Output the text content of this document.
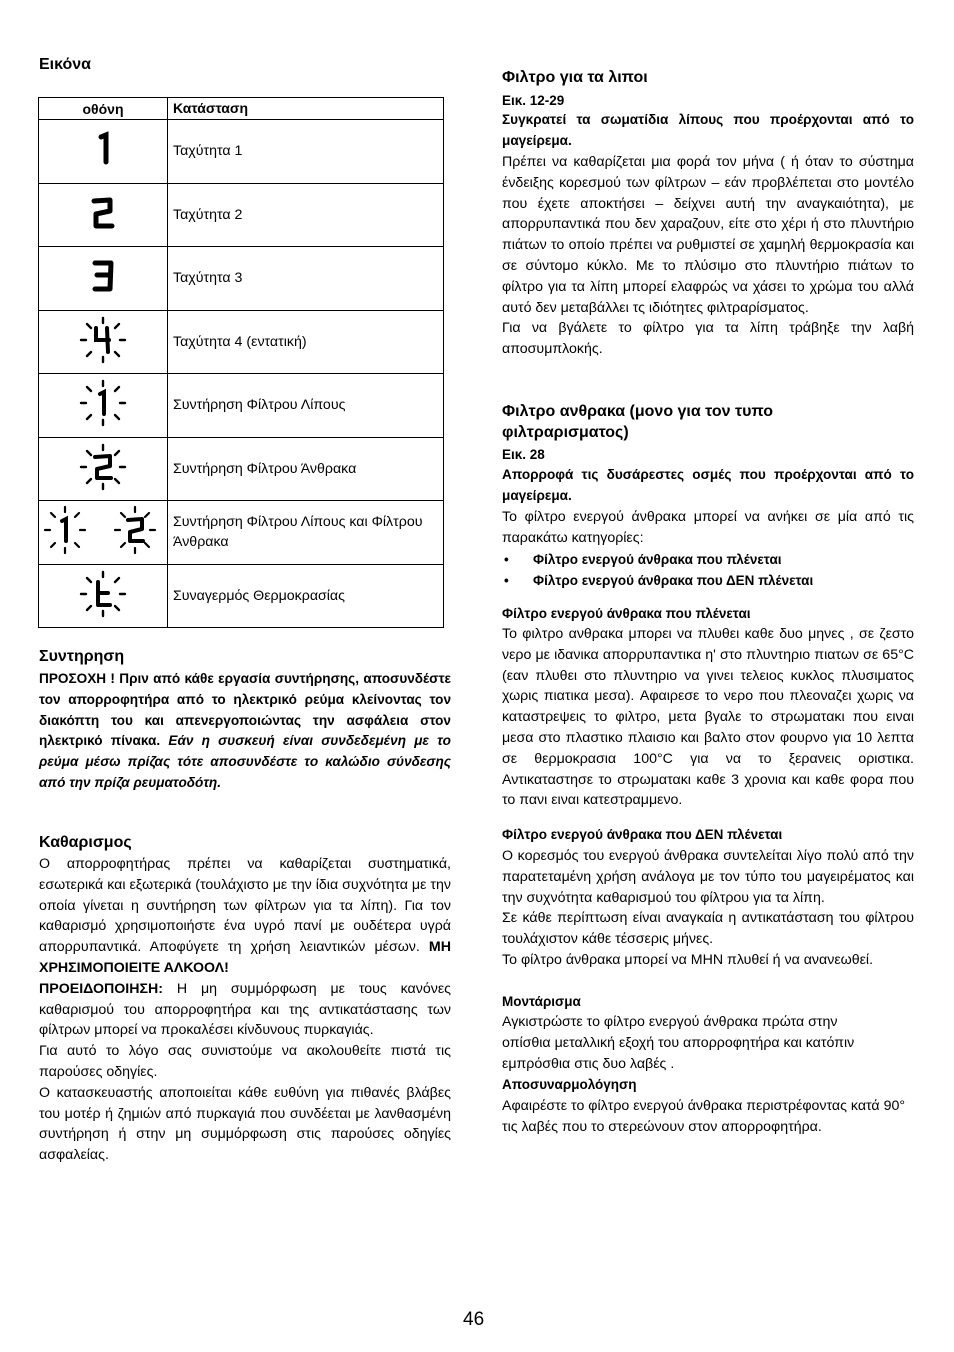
Εικόνα
οθόνη	Κατάσταση
	Ταχύτητα 1
	Ταχύτητα 2
	Ταχύτητα 3
	Ταχύτητα 4 (εντατική)
	Συντήρηση Φίλτρου Λίπους
	Συντήρηση Φίλτρου Άνθρακα
	Συντήρηση Φίλτρου Λίπους και Φίλτρου Άνθρακα
	Συναγερμός Θερμοκρασίας
Συντηρηση
ΠΡΟΣΟΧΗ ! Πριν από κάθε εργασία συντήρησης, αποσυνδέστε τον απορροφητήρα από το ηλεκτρικό ρεύμα κλείνοντας τον διακόπτη του και απενεργοποιώντας την ασφάλεια στον ηλεκτρικό πίνακα. Εάν η συσκευή είναι συνδεδεμένη με το ρεύμα μέσω πρίζας τότε αποσυνδέστε το καλώδιο σύνδεσης από την πρίζα ρευματοδότη.
Καθαρισμος
Ο απορροφητήρας πρέπει να καθαρίζεται συστηματικά, εσωτερικά και εξωτερικά (τουλάχιστο με την ίδια συχνότητα με την οποία γίνεται η συντήρηση των φίλτρων για τα λίπη). Για τον καθαρισμό χρησιμοποιήστε ένα υγρό πανί με ουδέτερα υγρά απορρυπαντικά. Αποφύγετε τη χρήση λειαντικών μέσων. ΜΗ ΧΡΗΣΙΜΟΠΟΙΕΙΤΕ ΑΛΚΟΟΛ!
ΠΡΟΕΙΔΟΠΟΙΗΣΗ: Η μη συμμόρφωση με τους κανόνες καθαρισμού του απορροφητήρα και της αντικατάστασης των φίλτρων μπορεί να προκαλέσει κίνδυνους πυρκαγιάς.
Για αυτό το λόγο σας συνιστούμε να ακολουθείτε πιστά τις παρούσες οδηγίες.
Ο κατασκευαστής αποποιείται κάθε ευθύνη για πιθανές βλάβες του μοτέρ ή ζημιών από πυρκαγιά που συνδέεται με λανθασμένη συντήρηση ή στην μη συμμόρφωση στις παρούσες οδηγίες ασφαλείας.
Φιλτρο για τα λιποι
Εικ. 12-29
Συγκρατεί τα σωματίδια λίπους που προέρχονται από το μαγείρεμα.
Πρέπει να καθαρίζεται μια φορά τον μήνα ( ή όταν το σύστημα ένδειξης κορεσμού των φίλτρων – εάν προβλέπεται στο μοντέλο που έχετε αποκτήσει – δείχνει αυτή την αναγκαιότητα), με απορρυπαντικά που δεν χαραζουν, είτε στο χέρι ή στο πλυντήριο πιάτων το οποίο πρέπει να ρυθμιστεί σε χαμηλή θερμοκρασία και σε σύντομο κύκλο. Με το πλύσιμο στο πλυντήριο πιάτων το φίλτρο για τα λίπη μπορεί ελαφρώς να χάσει το χρώμα του αλλά αυτό δεν μεταβάλλει τς ιδιότητες φιλτραρίσματος.
Για να βγάλετε το φίλτρο για τα λίπη τράβηξε την λαβή αποσυμπλοκής.
Φιλτρο ανθρακα (μονο για τον τυπο φιλτραρισματος)
Εικ. 28
Απορροφά τις δυσάρεστες οσμές που προέρχονται από το μαγείρεμα.
Το φίλτρο ενεργού άνθρακα μπορεί να ανήκει σε μία από τις παρακάτω κατηγορίες:
• Φίλτρο ενεργού άνθρακα που πλένεται
• Φίλτρο ενεργού άνθρακα που ΔΕΝ πλένεται
Φίλτρο ενεργού άνθρακα που πλένεται
Το φιλτρο ανθρακα μπορει να πλυθει καθε δυο μηνες , σε ζεστο νερο με ιδανικα απορρυπαντικα η' στο πλυντηριο πιατων σε 65°C (εαν πλυθει στο πλυντηριο να γινει τελειος κυκλος πλυσιματος χωρις πιατικα μεσα). Αφαιρεσε το νερο που πλεοναζει χωρις να καταστρεψεις το φιλτρο, μετα βγαλε το στρωματακι που ειναι μεσα στο πλαστικο πλαισιο και βαλτο στον φουρνο για 10 λεπτα σε θερμοκρασια 100°C για να το ξερανεις οριστικα. Αντικαταστησε το στρωματακι καθε 3 χρονια και καθε φορα που το πανι ειναι κατεστραμμενο.
Φίλτρο ενεργού άνθρακα που ΔΕΝ πλένεται
Ο κορεσμός του ενεργού άνθρακα συντελείται λίγο πολύ από την παρατεταμένη χρήση ανάλογα με τον τύπο του μαγειρέματος και την συχνότητα καθαρισμού του φίλτρου για τα λίπη.
Σε κάθε περίπτωση είναι αναγκαία η αντικατάσταση του φίλτρου τουλάχιστον κάθε τέσσερις μήνες.
Το φίλτρο άνθρακα μπορεί να ΜΗΝ πλυθεί ή να ανανεωθεί.
Μοντάρισμα
Αγκιστρώστε το φίλτρο ενεργού άνθρακα πρώτα στην οπίσθια μεταλλική εξοχή του απορροφητήρα και κατόπιν εμπρόσθια στις δυο λαβές .
Αποσυναρμολόγηση
Αφαιρέστε το φίλτρο ενεργού άνθρακα περιστρέφοντας κατά 90° τις λαβές που το στερεώνουν στον απορροφητήρα.
46
